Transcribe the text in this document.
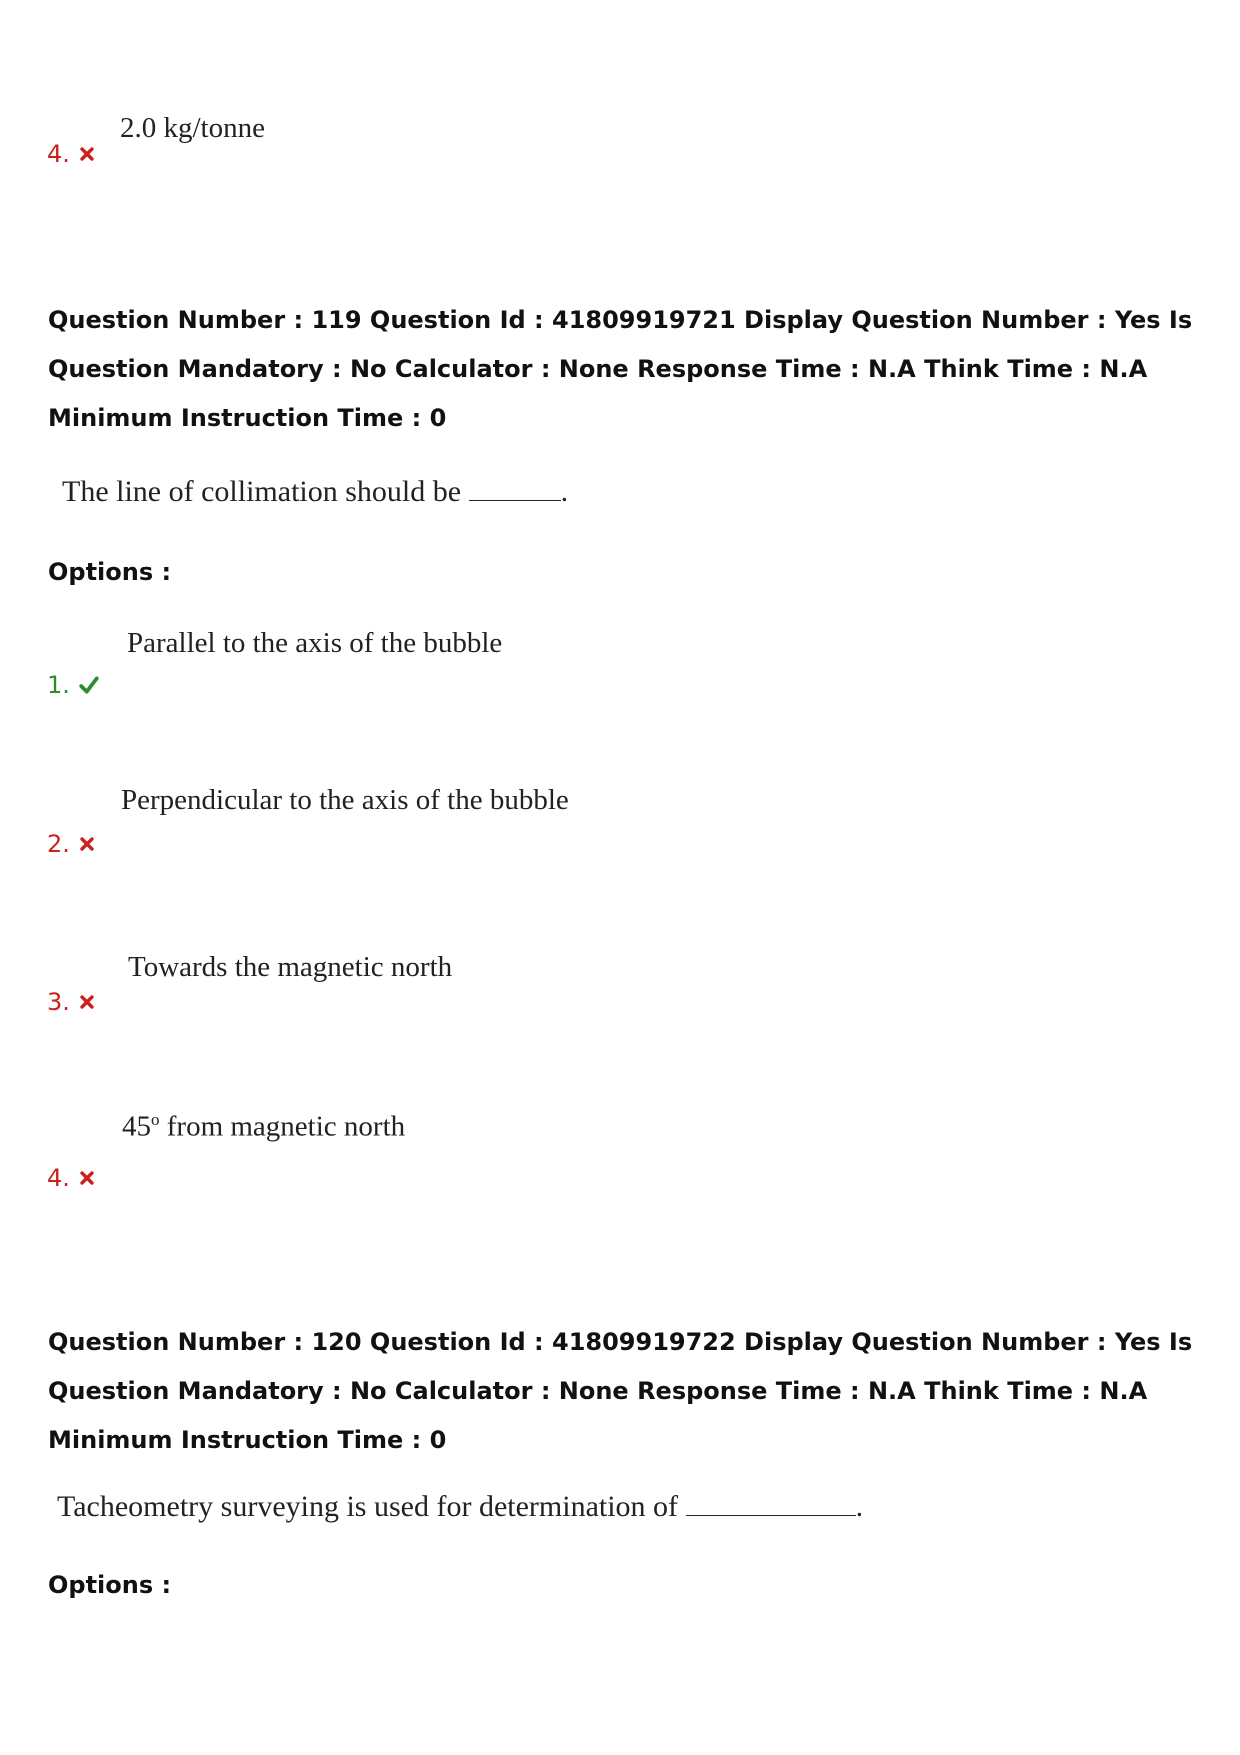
2.0 kg/tonne
4.
Question Number : 119 Question Id : 41809919721 Display Question Number : Yes Is Question Mandatory : No Calculator : None Response Time : N.A Think Time : N.A Minimum Instruction Time : 0
The line of collimation should be	.
Options :
Parallel to the axis of the bubble
1.
Perpendicular to the axis of the bubble
2.
Towards the magnetic north
3.
45$^o$ from magnetic north
4.
Question Number : 120 Question Id : 41809919722 Display Question Number : Yes Is Question Mandatory : No Calculator : None Response Time : N.A Think Time : N.A Minimum Instruction Time : 0
Tacheometry surveying is used for determination of	.
Options :
